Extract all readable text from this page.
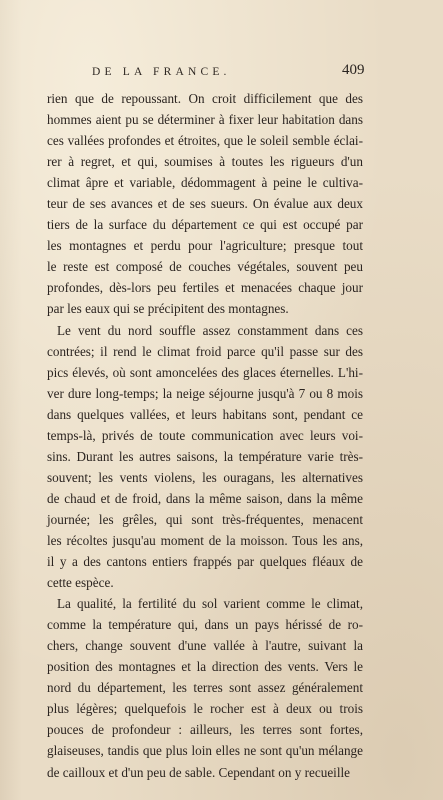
DE LA FRANCE.	409
rien que de repoussant. On croit difficilement que des
hommes aient pu se déterminer à fixer leur habitation dans
ces vallées profondes et étroites, que le soleil semble éclai-
rer à regret, et qui, soumises à toutes les rigueurs d'un
climat âpre et variable, dédommagent à peine le cultiva-
teur de ses avances et de ses sueurs. On évalue aux deux
tiers de la surface du département ce qui est occupé par
les montagnes et perdu pour l'agriculture; presque tout
le reste est composé de couches végétales, souvent peu
profondes, dès-lors peu fertiles et menacées chaque jour
par les eaux qui se précipitent des montagnes.
Le vent du nord souffle assez constamment dans ces
contrées; il rend le climat froid parce qu'il passe sur des
pics élevés, où sont amoncelées des glaces éternelles. L'hi-
ver dure long-temps; la neige séjourne jusqu'à 7 ou 8 mois
dans quelques vallées, et leurs habitans sont, pendant ce
temps-là, privés de toute communication avec leurs voi-
sins. Durant les autres saisons, la température varie très-
souvent; les vents violens, les ouragans, les alternatives
de chaud et de froid, dans la même saison, dans la même
journée; les grêles, qui sont très-fréquentes, menacent
les récoltes jusqu'au moment de la moisson. Tous les ans,
il y a des cantons entiers frappés par quelques fléaux de
cette espèce.
La qualité, la fertilité du sol varient comme le climat,
comme la température qui, dans un pays hérissé de ro-
chers, change souvent d'une vallée à l'autre, suivant la
position des montagnes et la direction des vents. Vers le
nord du département, les terres sont assez généralement
plus légères; quelquefois le rocher est à deux ou trois
pouces de profondeur : ailleurs, les terres sont fortes,
glaiseuses, tandis que plus loin elles ne sont qu'un mélange
de cailloux et d'un peu de sable. Cependant on y recueille
